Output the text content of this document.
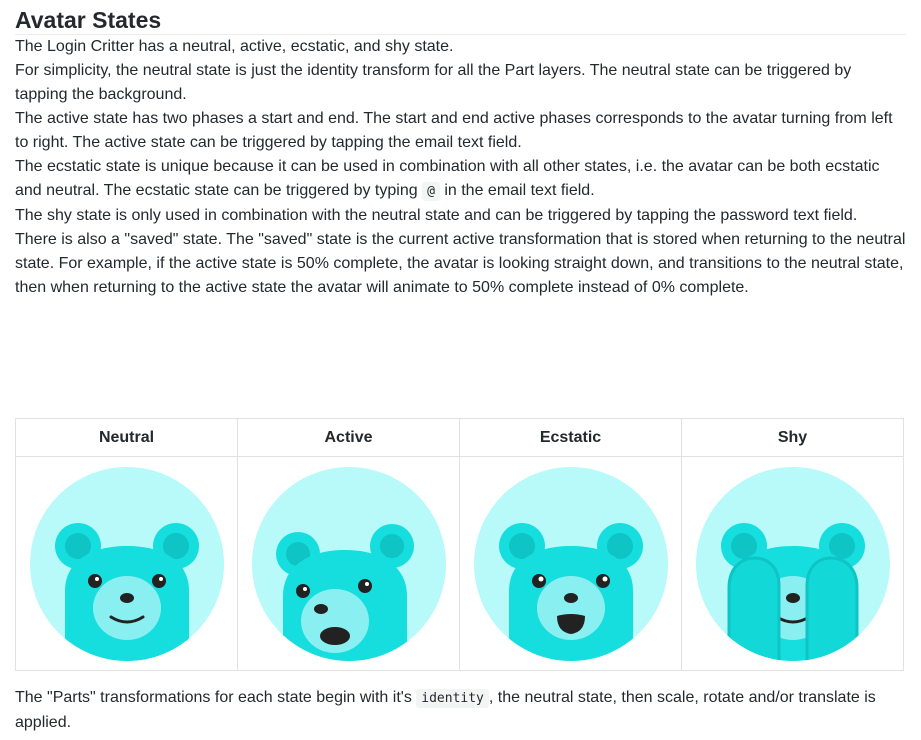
Avatar States

The Login Critter has a neutral, active, ecstatic, and shy state.

For simplicity, the neutral state is just the identity transform for all the Part layers. The neutral state can be triggered by tapping the background.

The active state has two phases a start and end. The start and end active phases corresponds to the avatar turning from left to right. The active state can be triggered by tapping the email text field.

The ecstatic state is unique because it can be used in combination with all other states, i.e. the avatar can be both ecstatic and neutral. The ecstatic state can be triggered by typing @ in the email text field.

The shy state is only used in combination with the neutral state and can be triggered by tapping the password text field.

There is also a "saved" state. The "saved" state is the current active transformation that is stored when returning to the neutral state. For example, if the active state is 50% complete, the avatar is looking straight down, and transitions to the neutral state, then when returning to the active state the avatar will animate to 50% complete instead of 0% complete.

Neutral	Active	Ecstatic	Shy

The "Parts" transformations for each state begin with it's identity , the neutral state, then scale, rotate and/or translate is applied.
